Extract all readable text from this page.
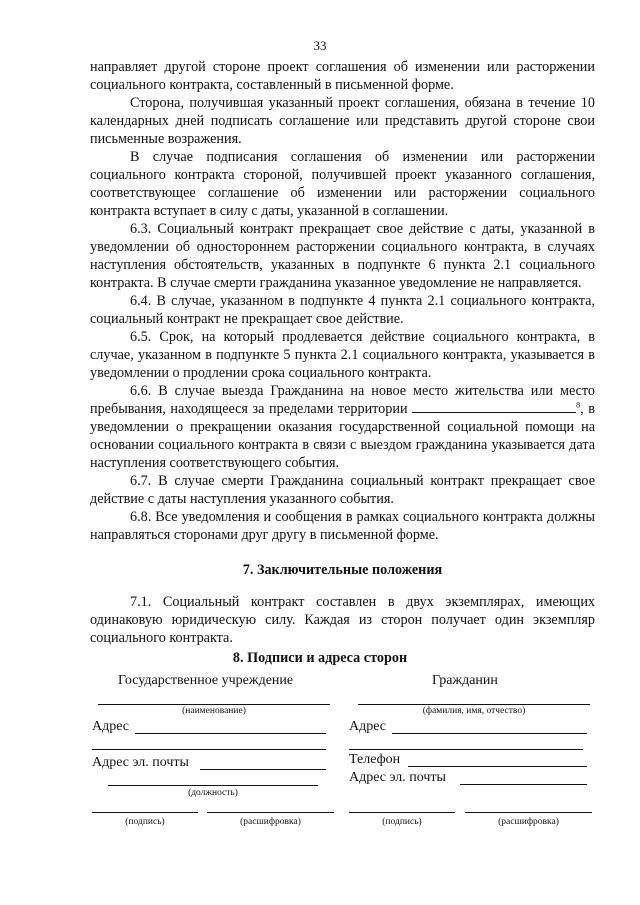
33

направляет другой стороне проект соглашения об изменении или расторжении социального контракта, составленный в письменной форме.

Сторона, получившая указанный проект соглашения, обязана в течение 10 календарных дней подписать соглашение или представить другой стороне свои письменные возражения.

В случае подписания соглашения об изменении или расторжении социального контракта стороной, получившей проект указанного соглашения, соответствующее соглашение об изменении или расторжении социального контракта вступает в силу с даты, указанной в соглашении.

6.3. Социальный контракт прекращает свое действие с даты, указанной в уведомлении об одностороннем расторжении социального контракта, в случаях наступления обстоятельств, указанных в подпункте 6 пункта 2.1 социального контракта. В случае смерти гражданина указанное уведомление не направляется.

6.4. В случае, указанном в подпункте 4 пункта 2.1 социального контракта, социальный контракт не прекращает свое действие.

6.5. Срок, на который продлевается действие социального контракта, в случае, указанном в подпункте 5 пункта 2.1 социального контракта, указывается в уведомлении о продлении срока социального контракта.

6.6. В случае выезда Гражданина на новое место жительства или место пребывания, находящееся за пределами территории	$^8$, в уведомлении о прекращении оказания государственной социальной помощи на основании социального контракта в связи с выездом гражданина указывается дата наступления соответствующего события.

6.7. В случае смерти Гражданина социальный контракт прекращает свое действие с даты наступления указанного события.

6.8. Все уведомления и сообщения в рамках социального контракта должны направляться сторонами друг другу в письменной форме.

7. Заключительные положения

7.1. Социальный контракт составлен в двух экземплярах, имеющих одинаковую юридическую силу. Каждая из сторон получает один экземпляр социального контракта.

8. Подписи и адреса сторон
Государственное учреждение
(наименование)
Адрес
Адрес эл. почты
(должность)
(подпись)	(расшифровка)
Гражданин
(фамилия, имя, отчество)
Адрес
Телефон
Адрес эл. почты
(подпись)	(расшифровка)
